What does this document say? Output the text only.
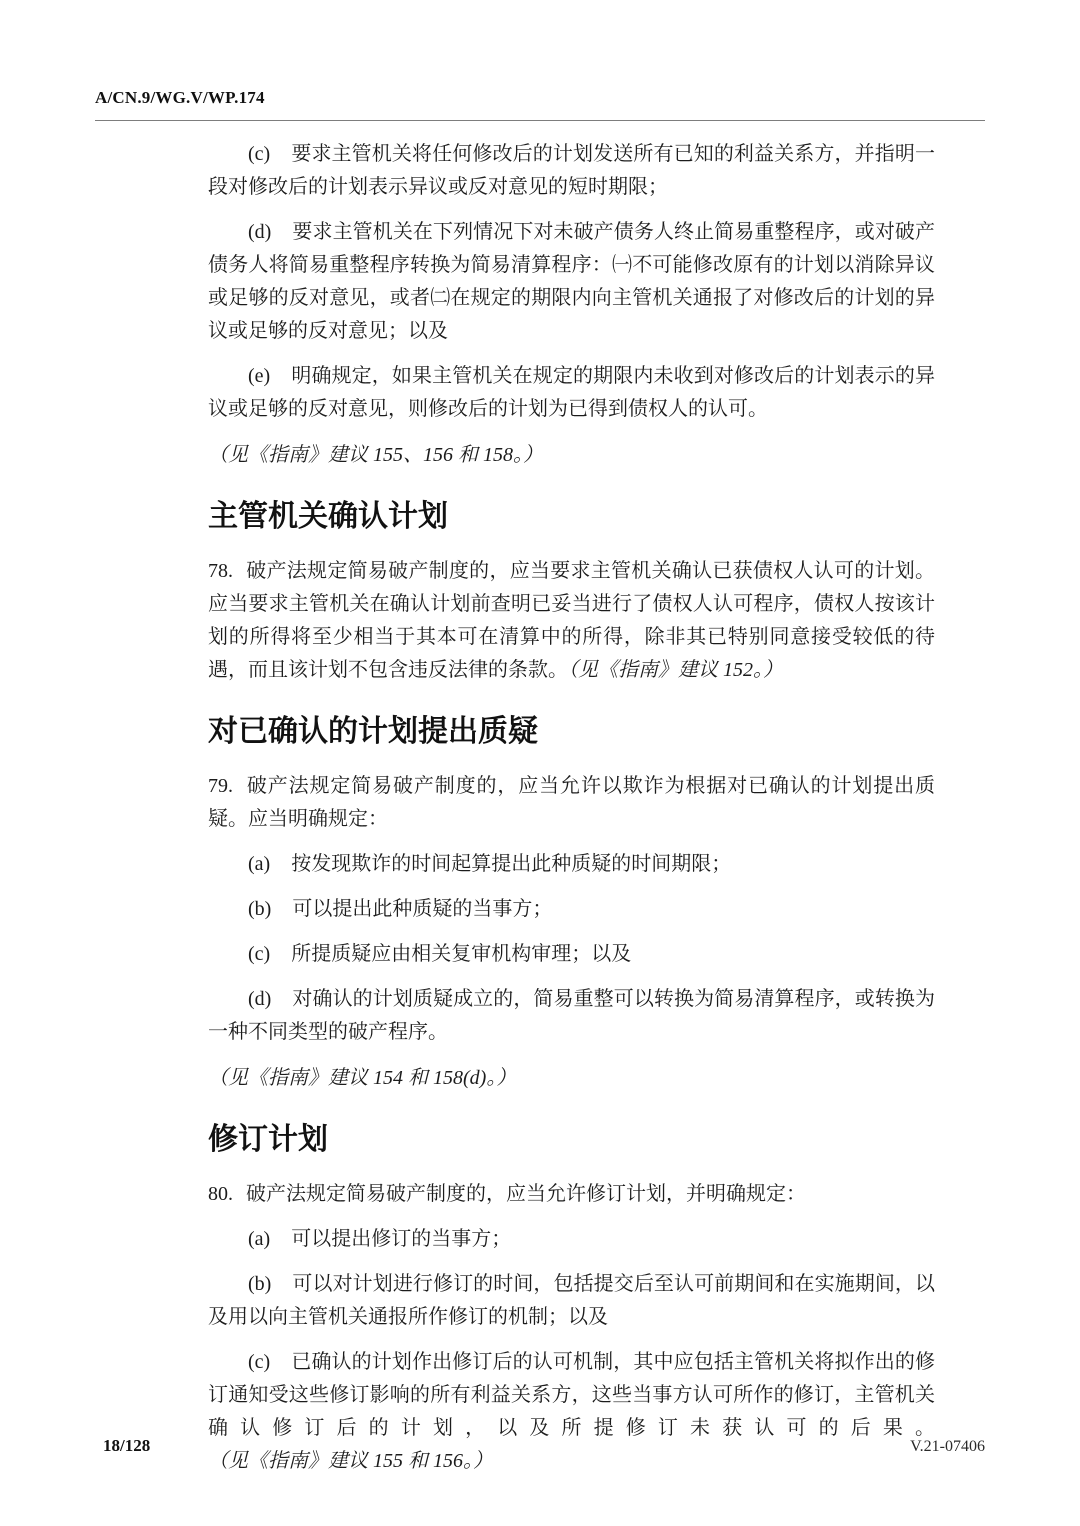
A/CN.9/WG.V/WP.174

(c) 要求主管机关将任何修改后的计划发送所有已知的利益关系方，并指明一段对修改后的计划表示异议或反对意见的短时期限；

(d) 要求主管机关在下列情况下对未破产债务人终止简易重整程序，或对破产债务人将简易重整程序转换为简易清算程序：㈠不可能修改原有的计划以消除异议或足够的反对意见，或者㈡在规定的期限内向主管机关通报了对修改后的计划的异议或足够的反对意见；以及

(e) 明确规定，如果主管机关在规定的期限内未收到对修改后的计划表示的异议或足够的反对意见，则修改后的计划为已得到债权人的认可。

（见《指南》建议 155、156 和 158。）

主管机关确认计划

78. 破产法规定简易破产制度的，应当要求主管机关确认已获债权人认可的计划。应当要求主管机关在确认计划前查明已妥当进行了债权人认可程序，债权人按该计划的所得将至少相当于其本可在清算中的所得，除非其已特别同意接受较低的待遇，而且该计划不包含违反法律的条款。（见《指南》建议 152。）

对已确认的计划提出质疑

79. 破产法规定简易破产制度的，应当允许以欺诈为根据对已确认的计划提出质疑。应当明确规定：

(a) 按发现欺诈的时间起算提出此种质疑的时间期限；

(b) 可以提出此种质疑的当事方；

(c) 所提质疑应由相关复审机构审理；以及

(d) 对确认的计划质疑成立的，简易重整可以转换为简易清算程序，或转换为一种不同类型的破产程序。

（见《指南》建议 154 和 158(d)。）

修订计划

80. 破产法规定简易破产制度的，应当允许修订计划，并明确规定：

(a) 可以提出修订的当事方；

(b) 可以对计划进行修订的时间，包括提交后至认可前期间和在实施期间，以及用以向主管机关通报所作修订的机制；以及

(c) 已确认的计划作出修订后的认可机制，其中应包括主管机关将拟作出的修订通知受这些修订影响的所有利益关系方，这些当事方认可所作的修订，主管机关确认修订后的计划，以及所提修订未获认可的后果。（见《指南》建议 155 和 156。）

18/128	V.21-07406
